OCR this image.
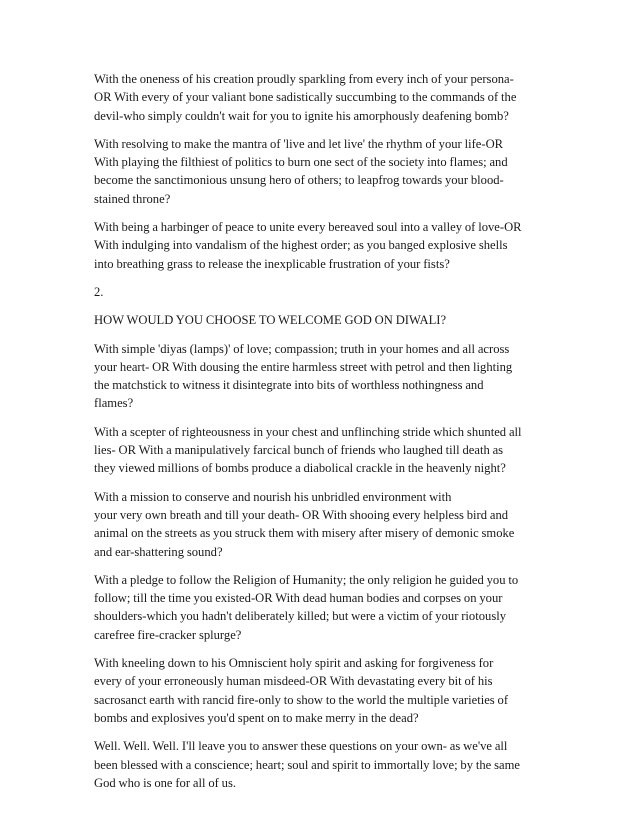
With the oneness of his creation proudly sparkling from every inch of your persona-
OR With every of your valiant bone sadistically succumbing to the commands of the
devil-who simply couldn't wait for you to ignite his amorphously deafening bomb?

With resolving to make the mantra of 'live and let live' the rhythm of your life-OR
With playing the filthiest of politics to burn one sect of the society into flames; and
become the sanctimonious unsung hero of others; to leapfrog towards your blood-
stained throne?

With being a harbinger of peace to unite every bereaved soul into a valley of love-OR
With indulging into vandalism of the highest order; as you banged explosive shells
into breathing grass to release the inexplicable frustration of your fists?

2.

HOW WOULD YOU CHOOSE TO WELCOME GOD ON DIWALI?

With simple 'diyas (lamps)' of love; compassion; truth in your homes and all across
your heart- OR With dousing the entire harmless street with petrol and then lighting
the matchstick to witness it disintegrate into bits of worthless nothingness and
flames?

With a scepter of righteousness in your chest and unflinching stride which shunted all
lies- OR With a manipulatively farcical bunch of friends who laughed till death as
they viewed millions of bombs produce a diabolical crackle in the heavenly night?

With a mission to conserve and nourish his unbridled environment with
your very own breath and till your death- OR With shooing every helpless bird and
animal on the streets as you struck them with misery after misery of demonic smoke
and ear-shattering sound?

With a pledge to follow the Religion of Humanity; the only religion he guided you to
follow; till the time you existed-OR With dead human bodies and corpses on your
shoulders-which you hadn't deliberately killed; but were a victim of your riotously
carefree fire-cracker splurge?

With kneeling down to his Omniscient holy spirit and asking for forgiveness for
every of your erroneously human misdeed-OR With devastating every bit of his
sacrosanct earth with rancid fire-only to show to the world the multiple varieties of
bombs and explosives you'd spent on to make merry in the dead?

Well. Well. Well. I'll leave you to answer these questions on your own- as we've all
been blessed with a conscience; heart; soul and spirit to immortally love; by the same
God who is one for all of us.
